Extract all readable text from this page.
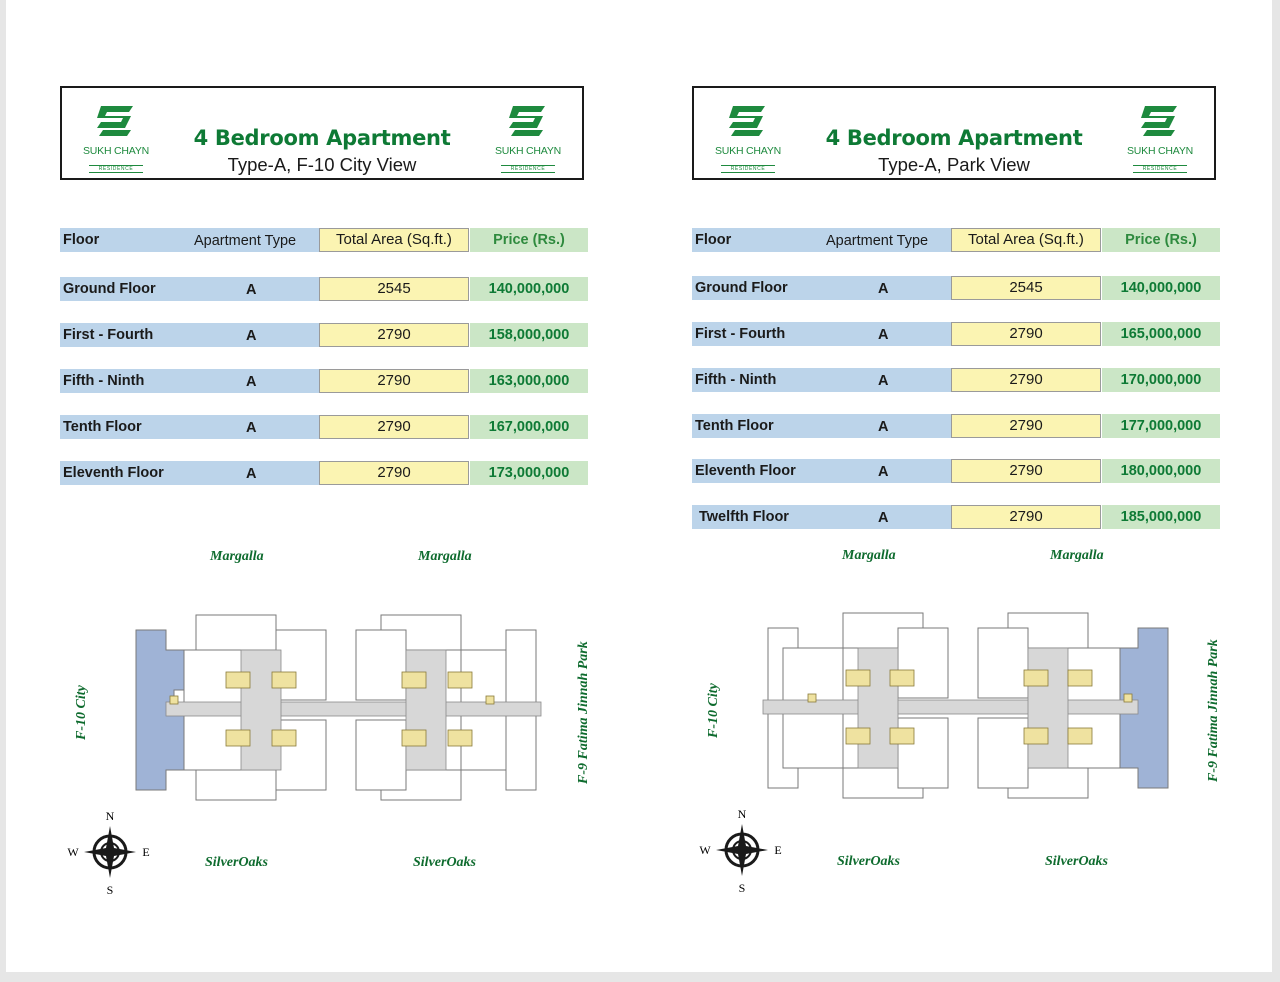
SUKH CHAYN
RESIDENCE
4 Bedroom Apartment
Type-A, F-10 City View
SUKH CHAYN
RESIDENCE
Floor	Apartment Type	Total Area (Sq.ft.)	Price (Rs.)
Ground Floor	A	2545	140,000,000
First - Fourth	A	2790	158,000,000
Fifth - Ninth	A	2790	163,000,000
Tenth Floor	A	2790	167,000,000
Eleventh Floor	A	2790	173,000,000
Margalla	Margalla
F-10 City	F-9 Fatima Jinnah Park
SilverOaks	SilverOaks
N
S
W	E
SUKH CHAYN
RESIDENCE
4 Bedroom Apartment
Type-A, Park View
SUKH CHAYN
RESIDENCE
Floor	Apartment Type	Total Area (Sq.ft.)	Price (Rs.)
Ground Floor	A	2545	140,000,000
First - Fourth	A	2790	165,000,000
Fifth - Ninth	A	2790	170,000,000
Tenth Floor	A	2790	177,000,000
Eleventh Floor	A	2790	180,000,000
Twelfth Floor	A	2790	185,000,000
Margalla	Margalla
F-10 City	F-9 Fatima Jinnah Park
SilverOaks	SilverOaks
N
S
W	E
